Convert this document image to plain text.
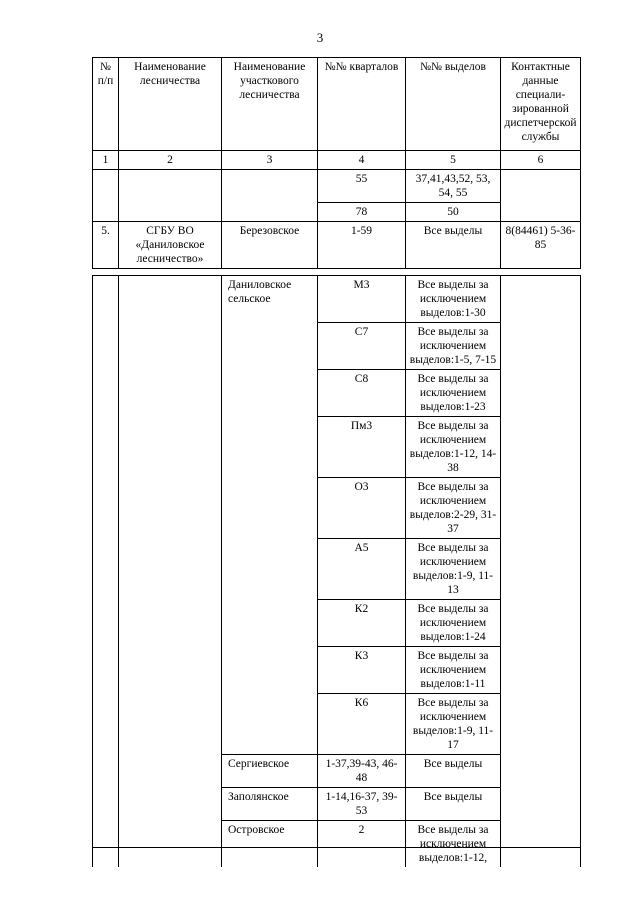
3
№ п/п	Наименование лесничества	Наименование участкового лесничества	№№ кварталов	№№ выделов	Контактные данные специали-зированной диспетчерской службы
1	2	3	4	5	6
			55	37,41,43,52, 53, 54, 55	
			78	50	
5.	СГБУ ВО «Даниловское лесничество»	Березовское	1-59	Все выделы	8(84461) 5-36-85

		Даниловское сельское	М3	Все выделы за исключением выделов:1-30	
			С7	Все выделы за исключением выделов:1-5, 7-15	
			С8	Все выделы за исключением выделов:1-23	
			Пм3	Все выделы за исключением выделов:1-12, 14-38	
			О3	Все выделы за исключением выделов:2-29, 31-37	
			А5	Все выделы за исключением выделов:1-9, 11-13	
			К2	Все выделы за исключением выделов:1-24	
			К3	Все выделы за исключением выделов:1-11	
			К6	Все выделы за исключением выделов:1-9, 11-17	
		Сергиевское	1-37,39-43, 46-48	Все выделы	
		Заполянское	1-14,16-37, 39-53	Все выделы	
		Островское	2	Все выделы за исключением выделов:1-12,	
